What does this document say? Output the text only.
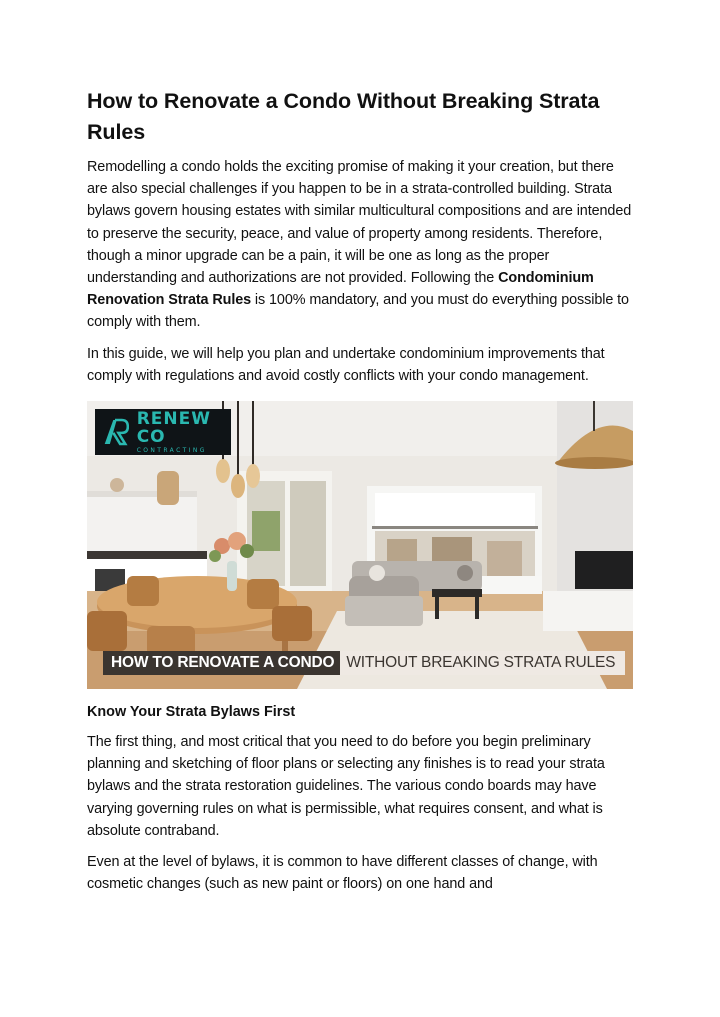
How to Renovate a Condo Without Breaking Strata Rules

Remodelling a condo holds the exciting promise of making it your creation, but there are also special challenges if you happen to be in a strata-controlled building. Strata bylaws govern housing estates with similar multicultural compositions and are intended to preserve the security, peace, and value of property among residents. Therefore, though a minor upgrade can be a pain, it will be one as long as the proper understanding and authorizations are not provided. Following the Condominium Renovation Strata Rules is 100% mandatory, and you must do everything possible to comply with them.

In this guide, we will help you plan and undertake condominium improvements that comply with regulations and avoid costly conflicts with your condo management.

RENEW CO
CONTRACTING
HOW TO RENOVATE A CONDO WITHOUT BREAKING STRATA RULES
Know Your Strata Bylaws First

The first thing, and most critical that you need to do before you begin preliminary planning and sketching of floor plans or selecting any finishes is to read your strata bylaws and the strata restoration guidelines. The various condo boards may have varying governing rules on what is permissible, what requires consent, and what is absolute contraband.

Even at the level of bylaws, it is common to have different classes of change, with cosmetic changes (such as new paint or floors) on one hand and
